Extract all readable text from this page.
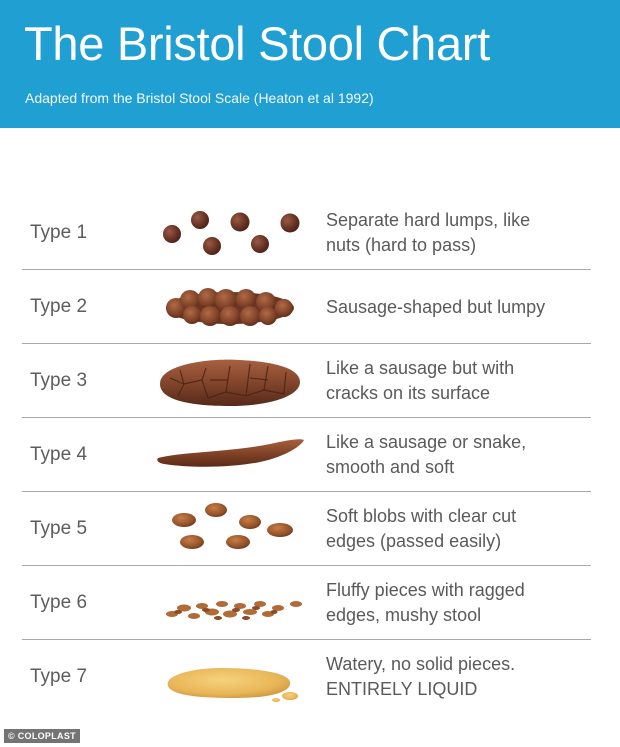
The Bristol Stool Chart
Adapted from the Bristol Stool Scale (Heaton et al 1992)
Type 1
Separate hard lumps, like
nuts (hard to pass)
Type 2	Sausage-shaped but lumpy
Type 3
Like a sausage but with
cracks on its surface
Type 4
Like a sausage or snake,
smooth and soft
Type 5
Soft blobs with clear cut
edges (passed easily)
Type 6
Fluffy pieces with ragged
edges, mushy stool
Type 7
Watery, no solid pieces.
ENTIRELY LIQUID
© COLOPLAST
